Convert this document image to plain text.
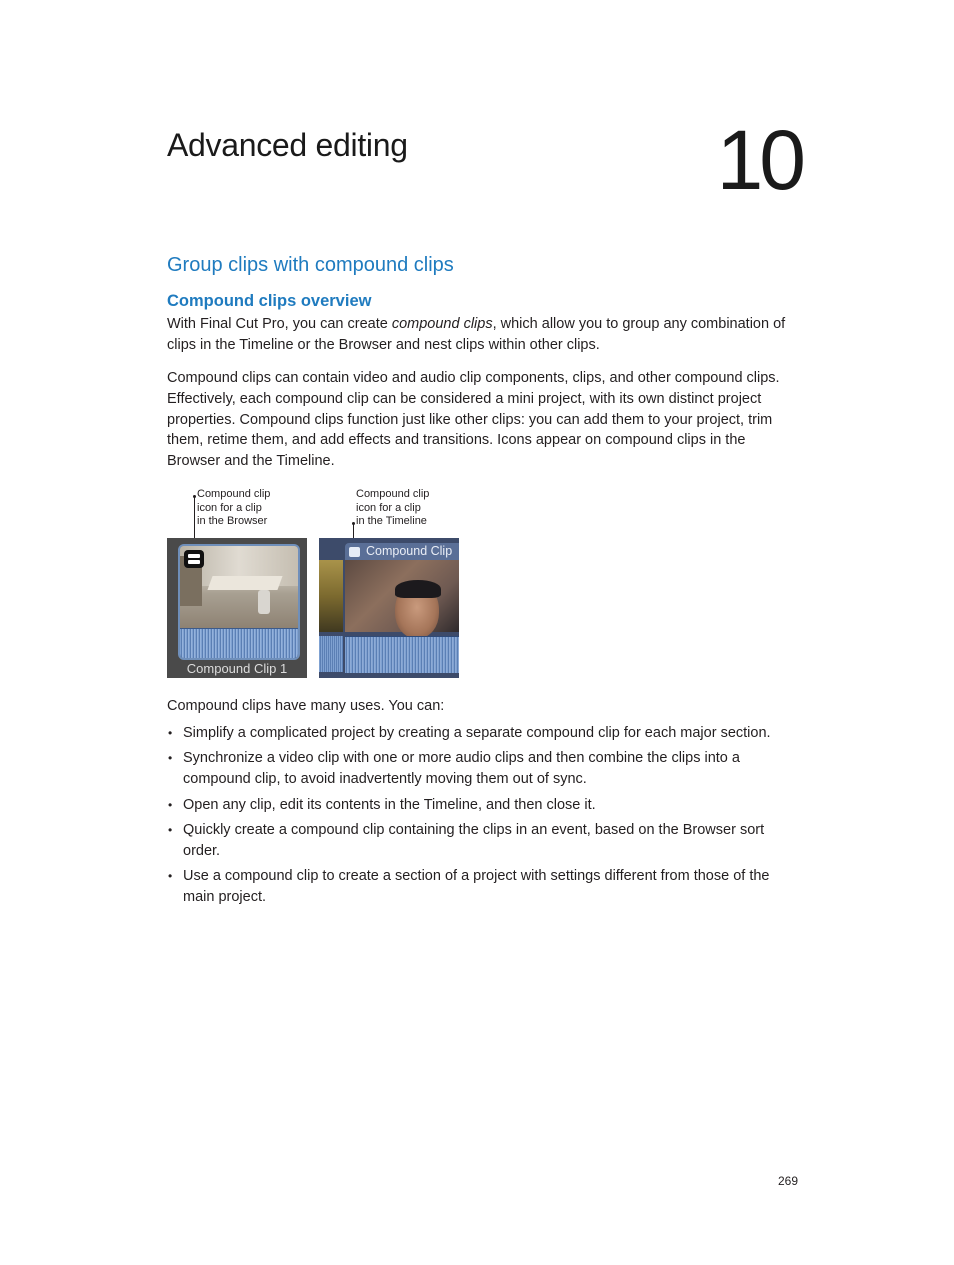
Advanced editing	10
Group clips with compound clips
Compound clips overview

With Final Cut Pro, you can create compound clips, which allow you to group any combination of clips in the Timeline or the Browser and nest clips within other clips.

Compound clips can contain video and audio clip components, clips, and other compound clips. Effectively, each compound clip can be considered a mini project, with its own distinct project properties. Compound clips function just like other clips: you can add them to your project, trim them, retime them, and add effects and transitions. Icons appear on compound clips in the Browser and the Timeline.

Compound clip
icon for a clip
in the Browser

Compound clip
icon for a clip
in the Timeline

Compound Clip 1
Compound Clip

Compound clips have many uses. You can:

• Simplify a complicated project by creating a separate compound clip for each major section.
• Synchronize a video clip with one or more audio clips and then combine the clips into a compound clip, to avoid inadvertently moving them out of sync.
• Open any clip, edit its contents in the Timeline, and then close it.
• Quickly create a compound clip containing the clips in an event, based on the Browser sort order.
• Use a compound clip to create a section of a project with settings different from those of the main project.
269
